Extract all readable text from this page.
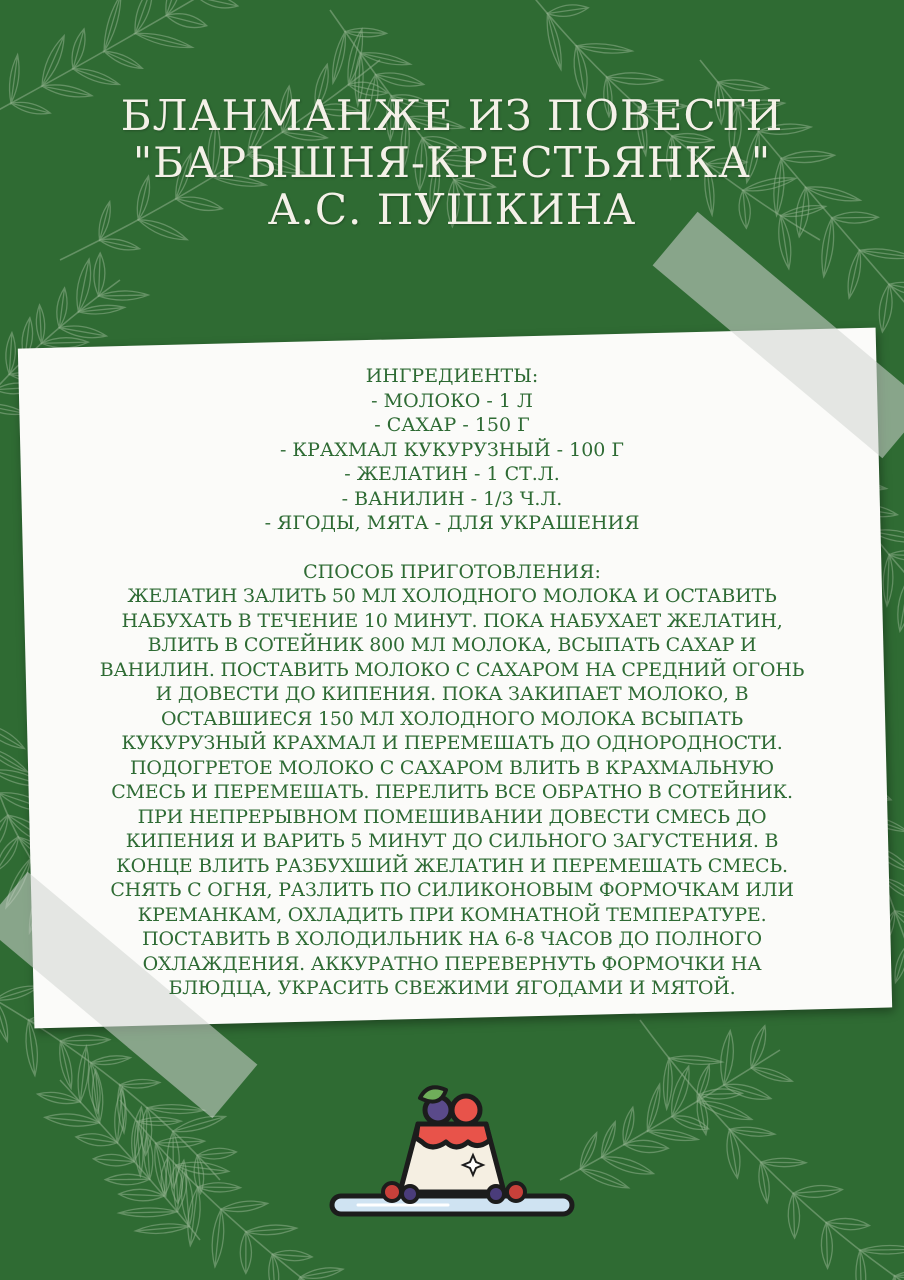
БЛАНМАНЖЕ ИЗ ПОВЕСТИ
"БАРЫШНЯ-КРЕСТЬЯНКА"
А.С. ПУШКИНА
ИНГРЕДИЕНТЫ:
- МОЛОКО - 1 Л
- САХАР - 150 Г
- КРАХМАЛ КУКУРУЗНЫЙ - 100 Г
- ЖЕЛАТИН - 1 СТ.Л.
- ВАНИЛИН - 1/3 Ч.Л.
- ЯГОДЫ, МЯТА - ДЛЯ УКРАШЕНИЯ
СПОСОБ ПРИГОТОВЛЕНИЯ:
ЖЕЛАТИН ЗАЛИТЬ 50 МЛ ХОЛОДНОГО МОЛОКА И ОСТАВИТЬ
НАБУХАТЬ В ТЕЧЕНИЕ 10 МИНУТ. ПОКА НАБУХАЕТ ЖЕЛАТИН,
ВЛИТЬ В СОТЕЙНИК 800 МЛ МОЛОКА, ВСЫПАТЬ САХАР И
ВАНИЛИН. ПОСТАВИТЬ МОЛОКО С САХАРОМ НА СРЕДНИЙ ОГОНЬ
И ДОВЕСТИ ДО КИПЕНИЯ. ПОКА ЗАКИПАЕТ МОЛОКО, В
ОСТАВШИЕСЯ 150 МЛ ХОЛОДНОГО МОЛОКА ВСЫПАТЬ
КУКУРУЗНЫЙ КРАХМАЛ И ПЕРЕМЕШАТЬ ДО ОДНОРОДНОСТИ.
ПОДОГРЕТОЕ МОЛОКО С САХАРОМ ВЛИТЬ В КРАХМАЛЬНУЮ
СМЕСЬ И ПЕРЕМЕШАТЬ. ПЕРЕЛИТЬ ВСЕ ОБРАТНО В СОТЕЙНИК.
ПРИ НЕПРЕРЫВНОМ ПОМЕШИВАНИИ ДОВЕСТИ СМЕСЬ ДО
КИПЕНИЯ И ВАРИТЬ 5 МИНУТ ДО СИЛЬНОГО ЗАГУСТЕНИЯ. В
КОНЦЕ ВЛИТЬ РАЗБУХШИЙ ЖЕЛАТИН И ПЕРЕМЕШАТЬ СМЕСЬ.
СНЯТЬ С ОГНЯ, РАЗЛИТЬ ПО СИЛИКОНОВЫМ ФОРМОЧКАМ ИЛИ
КРЕМАНКАМ, ОХЛАДИТЬ ПРИ КОМНАТНОЙ ТЕМПЕРАТУРЕ.
ПОСТАВИТЬ В ХОЛОДИЛЬНИК НА 6-8 ЧАСОВ ДО ПОЛНОГО
ОХЛАЖДЕНИЯ. АККУРАТНО ПЕРЕВЕРНУТЬ ФОРМОЧКИ НА
БЛЮДЦА, УКРАСИТЬ СВЕЖИМИ ЯГОДАМИ И МЯТОЙ.
